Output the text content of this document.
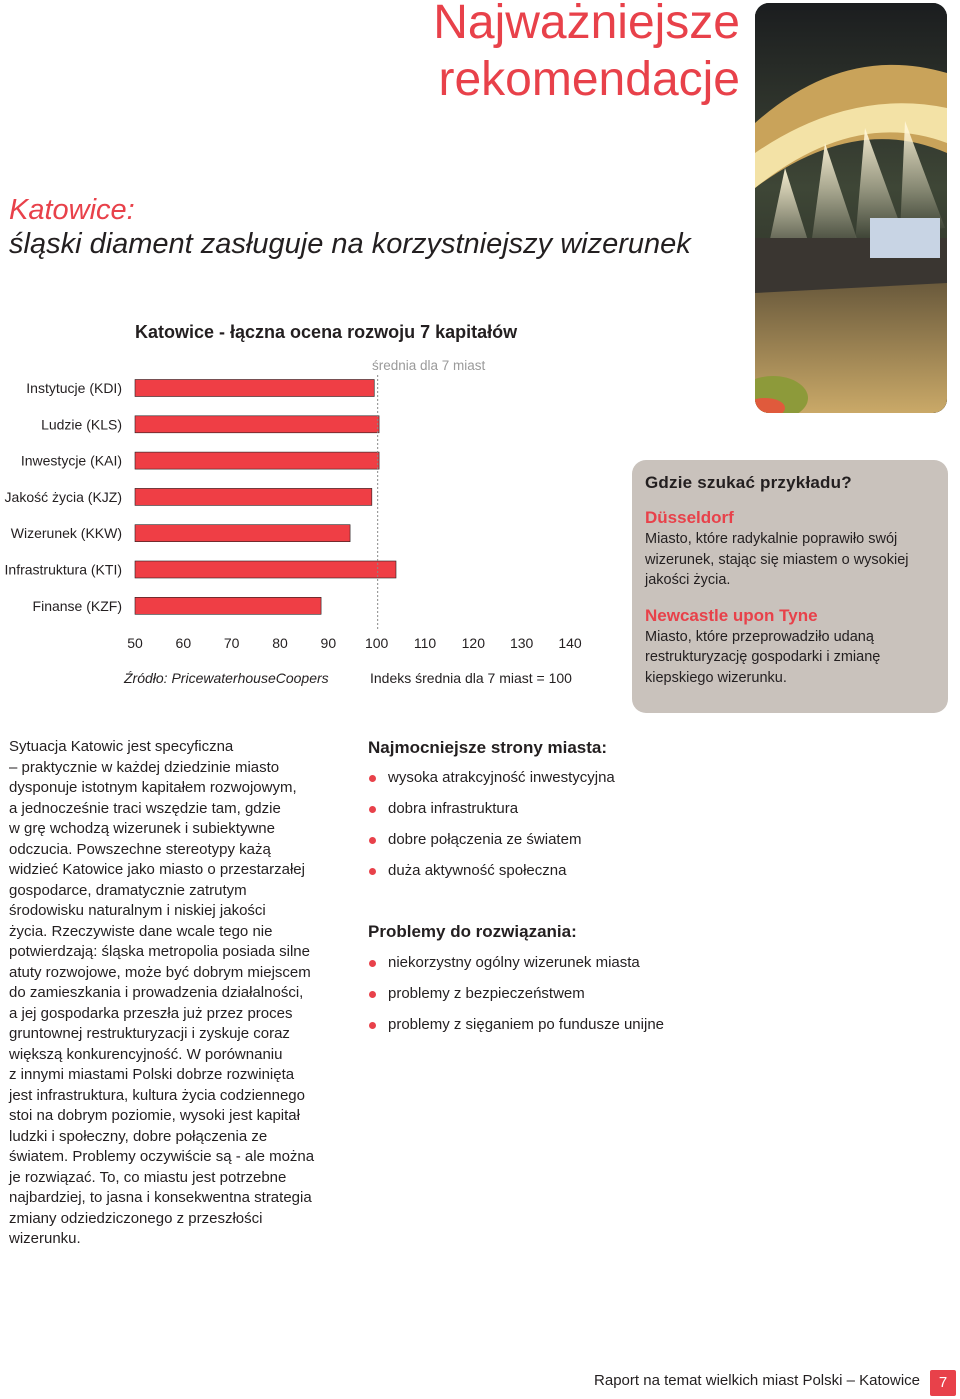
Najważniejsze
rekomendacje
Katowice:
śląski diament zasługuje na korzystniejszy wizerunek
Katowice - łączna ocena rozwoju 7 kapitałów
Instytucje (KDI)
Ludzie (KLS)
Inwestycje (KAI)
Jakość życia (KJZ)
Wizerunek (KKW)
Infrastruktura (KTI)
Finanse (KZF)
50 60 70 80 90 100 110 120 130 140
średnia dla 7 miast
Źródło: PricewaterhouseCoopers	Indeks średnia dla 7 miast = 100

Gdzie szukać przykładu?

Düsseldorf

Miasto, które radykalnie poprawiło swój wizerunek, stając się miastem o wysokiej jakości życia.

Newcastle upon Tyne

Miasto, które przeprowadziło udaną restrukturyzację gospodarki i zmianę kiepskiego wizerunku.

Sytuacja Katowic jest specyficzna
– praktycznie w każdej dziedzinie miasto
dysponuje istotnym kapitałem rozwojowym,
a jednocześnie traci wszędzie tam, gdzie
w grę wchodzą wizerunek i subiektywne
odczucia. Powszechne stereotypy każą
widzieć Katowice jako miasto o przestarzałej
gospodarce, dramatycznie zatrutym
środowisku naturalnym i niskiej jakości
życia. Rzeczywiste dane wcale tego nie
potwierdzają: śląska metropolia posiada silne
atuty rozwojowe, może być dobrym miejscem
do zamieszkania i prowadzenia działalności,
a jej gospodarka przeszła już przez proces
gruntownej restrukturyzacji i zyskuje coraz
większą konkurencyjność. W porównaniu
z innymi miastami Polski dobrze rozwinięta
jest infrastruktura, kultura życia codziennego
stoi na dobrym poziomie, wysoki jest kapitał
ludzki i społeczny, dobre połączenia ze
światem. Problemy oczywiście są - ale można
je rozwiązać. To, co miastu jest potrzebne
najbardziej, to jasna i konsekwentna strategia
zmiany odziedziczonego z przeszłości
wizerunku.

Najmocniejsze strony miasta:

wysoka atrakcyjność inwestycyjna
dobra infrastruktura
dobre połączenia ze światem
duża aktywność społeczna

Problemy do rozwiązania:

niekorzystny ogólny wizerunek miasta
problemy z bezpieczeństwem
problemy z sięganiem po fundusze unijne
Raport na temat wielkich miast Polski – Katowice	7
